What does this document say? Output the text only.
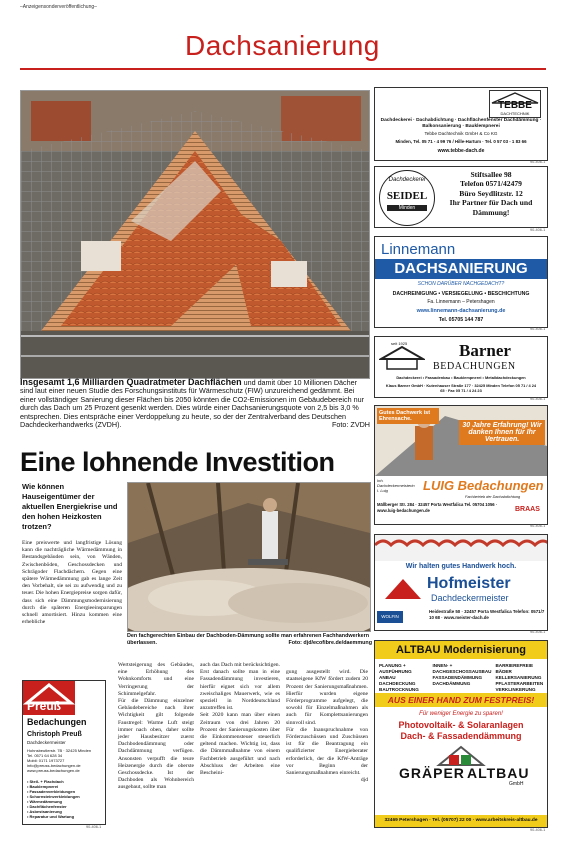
–Anzeigensonderveröffentlichung–
Dachsanierung
Insgesamt 1,6 Milliarden Quadratmeter Dachflächen und damit über 10 Millionen Dächer sind laut einer neuen Studie des Forschungsinstituts für Wärmeschutz (FIW) unzureichend gedämmt. Bei einer vollständiger Sanierung dieser Flächen bis 2050 könnten die CO2-Emissionen im Gebäudebereich nur durch das Dach um 25 Prozent gesenkt werden. Dies würde einer Dachsanierungsquote von 2,5 bis 3,0 % entsprechen. Dies entspräche einer Verdoppelung zu heute, so der der Zentralverband des Deutschen Dachdeckerhandwerks (ZVDH).	Foto: ZVDH
Eine lohnende Investition
Wie können Hauseigentümer der aktuellen Energiekrise und den hohen Heizkosten trotzen?
Eine preiswerte und langfristige Lösung kann die nachträgliche Wärmedämmung in Bestandsgebäuden sein, von Wänden, Zwischenböden, Geschossdecken und Schrägoder Flachdächern. Gegen eine spätere Wärmedämmung gab es lange Zeit den Vorbehalt, sie sei zu aufwendig und zu teuer. Die hohen Energiepreise sorgen dafür, dass sich eine Dämmungsmodernisierung durch die späteren Energieeinsparungen schnell amortisiert. Hinzu kommen eine erhebliche
Den fachgerechten Einbau der Dachboden-Dämmung sollte man erfahrenen Fachhandwerkern überlassen.	Foto: djd/ecofibre.de/daemmung
Wertsteigerung des Gebäudes, eine Erhöhung des Wohnkomforts und eine Verringerung der Schimmelgefahr.
Für die Dämmung einzelner Gebäudebereiche nach ihrer Wichtigkeit gilt folgende Faustregel: Warme Luft steigt immer nach oben, daher sollte jeder Hausbesitzer zuerst Dachbodendämmung oder Dachdämmung verfügen. Ansonsten verpufft die teure Heizenergie durch die oberste Geschossdecke. Ist der Dachboden als Wohnbereich ausgebaut, sollte man
auch das Dach mit berücksichtigen. Erst danach sollte man in eine Fassadendämmung investieren, hierfür eignet sich vor allem zweischaliges Mauerwerk, wie es speziell in Norddeutschland anzutreffen ist.
Seit 2020 kann man über einen Zeitraum von drei Jahren 20 Prozent der Sanierungskosten über die Einkommensteuer steuerlich geltend machen. Wichtig ist, dass die Dämmmaßnahme von einem Fachbetrieb ausgeführt und nach Abschluss der Arbeiten eine Bescheini-

gung ausgestellt wird. Die staatseigene KfW fördert zudem 20 Prozent der Sanierungsmaßnahmen. Hierfür wurden eigene Förderprogramme aufgelegt, die sowohl für Einzelmaßnahmen als auch für Komplettsanierungen sinnvoll sind.
Für die Inanspruchnahme von Förderzuschüssen und Zuschüssen ist für die Beantragung ein qualifizierter Energieberater erforderlich, der die KfW-Anträge vor Beginn der Sanierungsmaßnahmen einreicht.

djd

Preuß
Bedachungen
Christoph Preuß
Dachdeckermeister
Hohnsbeutlerstr. 7B · 32425 Minden
Tel. 0571 64 628 34
Mobil: 0171 1973727
info@preuss-bedachungen.de
www.preuss-bedachungen.de
• Steil- + Flachdach
• Bauklempnerei
• Fassadenverkleidungen
• Schornsteinverkleidungen
• Wärmedämmung
• Dachflächenfenster
• Asbestsanierung
• Reparatur und Wartung
90-406-1
TEBBE
DACHTECHNIK
Dachdeckerei · Dachabdichtung · Dachflächenfenster Dachdämmung · Balkonsanierung · Bauklempnerei
Tebbe Dachtechnik GmbH & Co KG
Minden, Tel. 05 71 - 4 99 76 / Hille-Hartum · Tel. 0 57 03 - 1 83 66
www.tebbe-dach.de
90-406-1
Dachdeckerei
SEIDEL
Minden
Stiftsallee 98
Telefon 0571/42479
Büro Seydlitzstr. 12
Ihr Partner für Dach und Dämmung!
90-406-1
Linnemann
DACHSANIERUNG
SCHON DARÜBER NACHGEDACHT?
DACHREINIGUNG • VERSIEGELUNG • BESCHICHTUNG
Fa. Linnemann – Petershagen
www.linnemann-dachsanierung.de
Tel. 05705 144 787
90-406-1
seit 1925	Barner
BEDACHUNGEN
Dachdeckerei • Fassadenbau • Bauklempnerei • Metalldachdeckungen
Klaus Barner GmbH · Kutenhauser Straße 177 · 32425 Minden Telefon 05 71 / 4 24 65 · Fax 05 71 / 4 24 23
90-406-1
Gutes Dachwerk ist Ehrensache.
30 Jahre Erfahrung! Wir danken Ihnen für Ihr Vertrauen.
Inh. Dachdeckermeisterin I. Luig	LUIG Bedachungen
Fachbetrieb der Dachabdichtung
Mällberger Str. 284 · 32457 Porta Westfalica Tel. 05704 1056 · www.luig-bedachungen.de	BRAAS
90-406-1
Wir halten gutes Handwerk hoch.
Hofmeister
Dachdeckermeister
WOLFIN
Heidestraße 50 · 32457 Porta Westfalica Telefon: 0571/7 10 68 · www.meister-dach.de
90-406-1
ALTBAU Modernisierung
PLANUNG + AUSFÜHRUNG
INNEN- + DACHGESCHOSSAUSBAU
BARRIEREFREIE BÄDER
ANBAU	FASSADENDÄMMUNG	KELLERSANIERUNG
DACHDECKUNG	DACHDÄMMUNG	PFLASTERARBEITEN
BAUTROCKNUNG	VERKLINKERUNG
AUS EINER HAND ZUM FESTPREIS!
Für weniger Energie zu sparen!
Photovoltaik- & Solaranlagen Dach- & Fassadendämmung
GRÄPER ALTBAU
GmbH
32469 Petershagen · Tel. (05707) 22 00 · www.arbeitskreis-altbau.de
90-406-1
